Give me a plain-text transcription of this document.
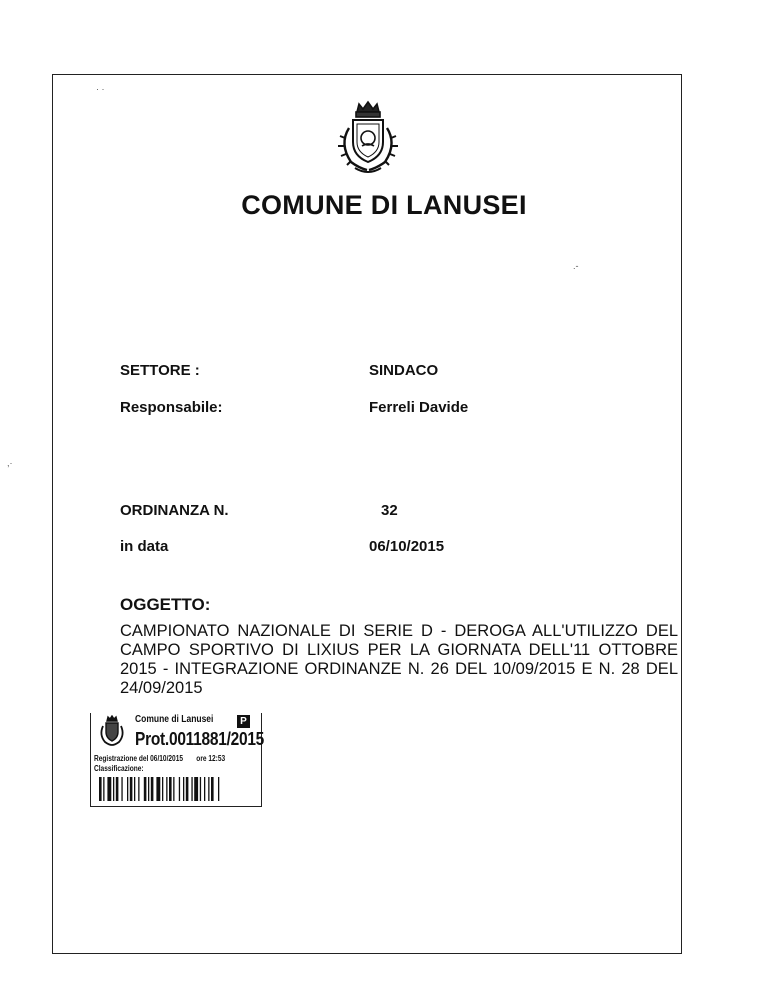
COMUNE DI LANUSEI
SETTORE :	SINDACO
Responsabile:	Ferreli Davide
ORDINANZA N.	32
in data	06/10/2015
OGGETTO:
CAMPIONATO NAZIONALE DI SERIE D - DEROGA ALL'UTILIZZO DEL CAMPO SPORTIVO DI LIXIUS PER LA GIORNATA DELL'11 OTTOBRE 2015 - INTEGRAZIONE ORDINANZE N. 26 DEL 10/09/2015 E N. 28 DEL 24/09/2015
Comune di Lanusei	P
Prot.0011881/2015
Registrazione del 06/10/2015 ore 12:53
Classificazione:
· ·
.-
,·
